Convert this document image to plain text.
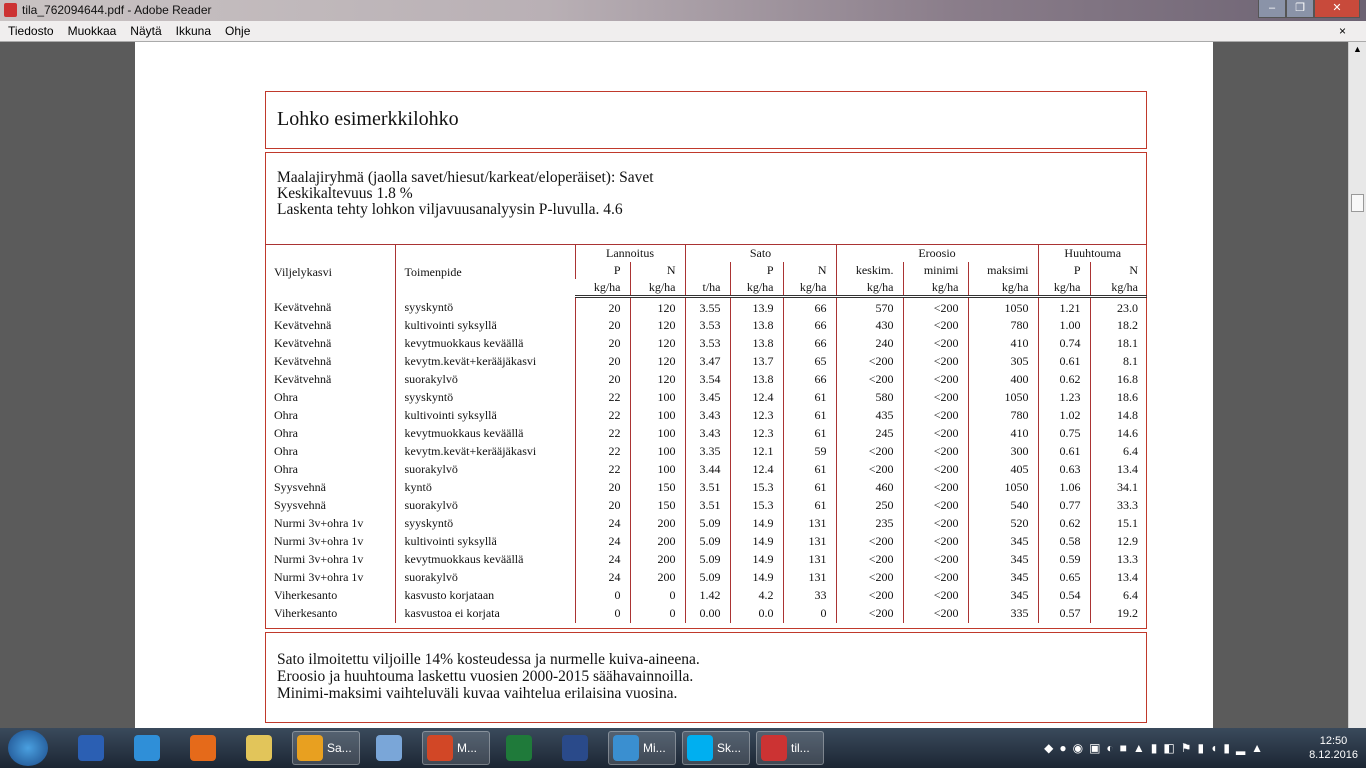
tila_762094644.pdf - Adobe Reader	‒	❐	✕
Tiedosto Muokkaa Näytä Ikkuna Ohje	×
▲
Lohko esimerkkilohko
Maalajiryhmä (jaolla savet/hiesut/karkeat/eloperäiset): Savet
Keskikaltevuus 1.8 %
Laskenta tehty lohkon viljavuusanalyysin P-luvulla. 4.6
		Lannoitus		Sato			Eroosio			Huuhtouma	
Viljelykasvi	Toimenpide	P	N		P	N	keskim.	minimi	maksimi	P	N
		kg/ha	kg/ha	t/ha	kg/ha	kg/ha	kg/ha	kg/ha	kg/ha	kg/ha	kg/ha
Kevätvehnä	syyskyntö	20	120	3.55	13.9	66	570	<200	1050	1.21	23.0
Kevätvehnä	kultivointi syksyllä	20	120	3.53	13.8	66	430	<200	780	1.00	18.2
Kevätvehnä	kevytmuokkaus keväällä	20	120	3.53	13.8	66	240	<200	410	0.74	18.1
Kevätvehnä	kevytm.kevät+kerääjäkasvi	20	120	3.47	13.7	65	<200	<200	305	0.61	8.1
Kevätvehnä	suorakylvö	20	120	3.54	13.8	66	<200	<200	400	0.62	16.8
Ohra	syyskyntö	22	100	3.45	12.4	61	580	<200	1050	1.23	18.6
Ohra	kultivointi syksyllä	22	100	3.43	12.3	61	435	<200	780	1.02	14.8
Ohra	kevytmuokkaus keväällä	22	100	3.43	12.3	61	245	<200	410	0.75	14.6
Ohra	kevytm.kevät+kerääjäkasvi	22	100	3.35	12.1	59	<200	<200	300	0.61	6.4
Ohra	suorakylvö	22	100	3.44	12.4	61	<200	<200	405	0.63	13.4
Syysvehnä	kyntö	20	150	3.51	15.3	61	460	<200	1050	1.06	34.1
Syysvehnä	suorakylvö	20	150	3.51	15.3	61	250	<200	540	0.77	33.3
Nurmi 3v+ohra 1v	syyskyntö	24	200	5.09	14.9	131	235	<200	520	0.62	15.1
Nurmi 3v+ohra 1v	kultivointi syksyllä	24	200	5.09	14.9	131	<200	<200	345	0.58	12.9
Nurmi 3v+ohra 1v	kevytmuokkaus keväällä	24	200	5.09	14.9	131	<200	<200	345	0.59	13.3
Nurmi 3v+ohra 1v	suorakylvö	24	200	5.09	14.9	131	<200	<200	345	0.65	13.4
Viherkesanto	kasvusto korjataan	0	0	1.42	4.2	33	<200	<200	345	0.54	6.4
Viherkesanto	kasvustoa ei korjata	0	0	0.00	0.0	0	<200	<200	335	0.57	19.2
Sato ilmoitettu viljoille 14% kosteudessa ja nurmelle kuiva-aineena.
Eroosio ja huuhtouma laskettu vuosien 2000-2015 säähavainnoilla.
Minimi-maksimi vaihteluväli kuvaa vaihtelua erilaisina vuosina.
Sa...	M...	Mi...	Sk...	til...	◆●◉▣◐■▲▮◧⚑▮◖▮▂▲	12:50
8.12.2016
